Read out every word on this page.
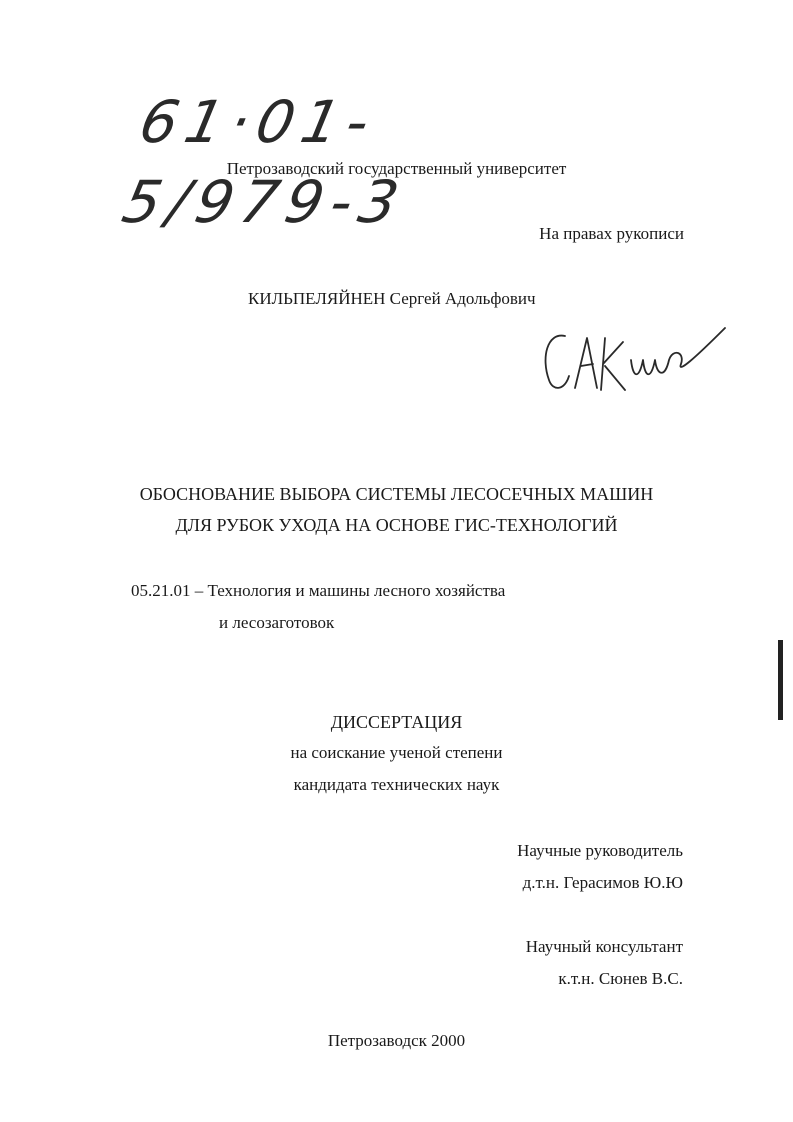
61·01-5/979-3
Петрозаводский государственный университет
На правах рукописи
КИЛЬПЕЛЯЙНЕН Сергей Адольфович
ОБОСНОВАНИЕ ВЫБОРА СИСТЕМЫ ЛЕСОСЕЧНЫХ МАШИН
ДЛЯ РУБОК УХОДА НА ОСНОВЕ ГИС-ТЕХНОЛОГИЙ
05.21.01 – Технология и машины лесного хозяйства
и лесозаготовок
ДИССЕРТАЦИЯ
на соискание ученой степени
кандидата технических наук
Научные руководитель
д.т.н. Герасимов Ю.Ю
Научный консультант
к.т.н. Сюнев В.С.
Петрозаводск 2000
